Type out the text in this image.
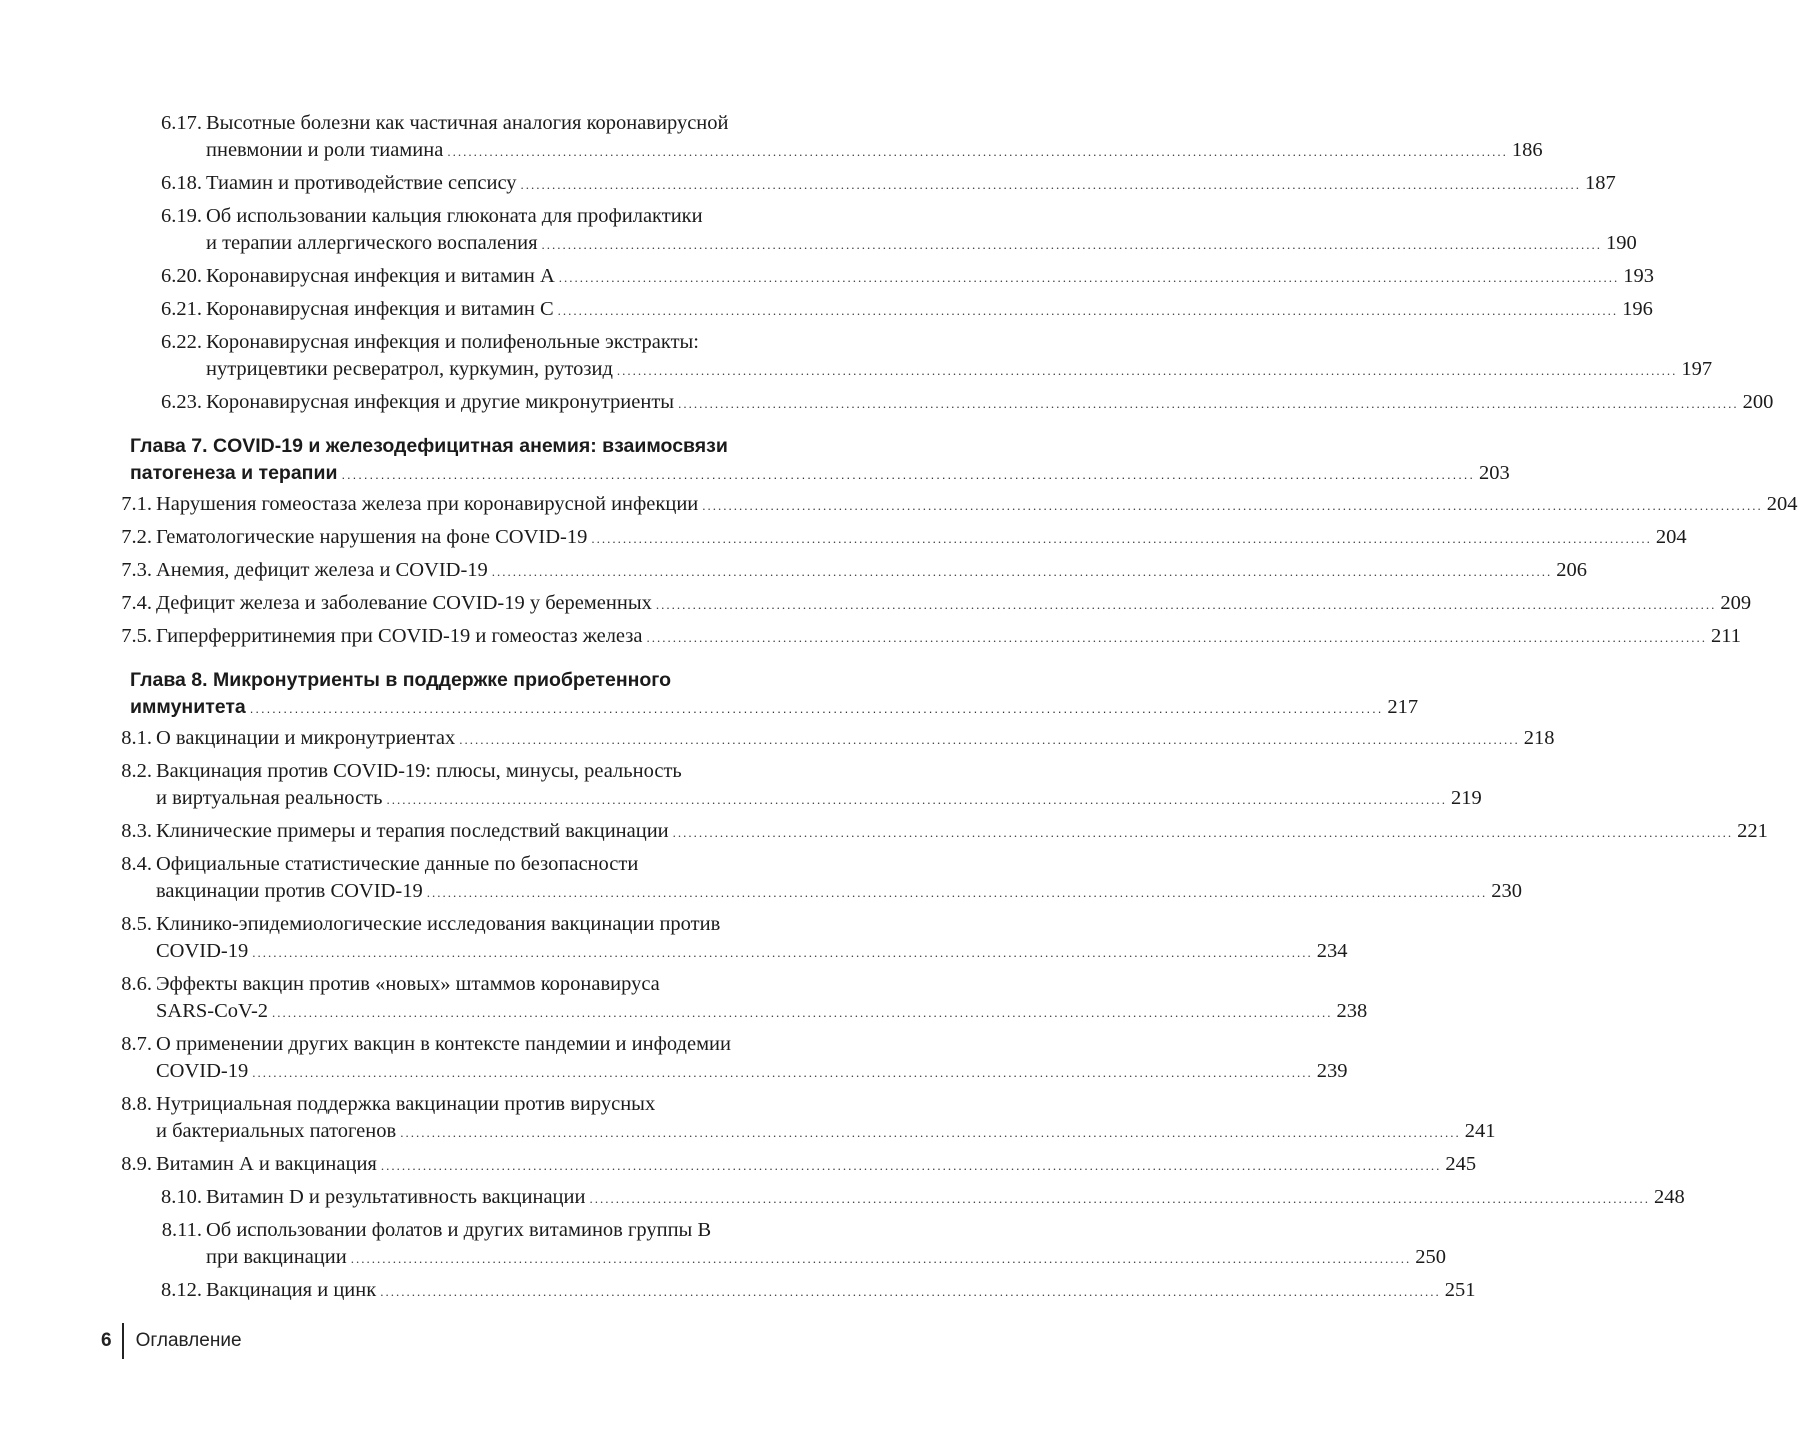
6.17. Высотные болезни как частичная аналогия коронавирусной
пневмонии и роли тиамина .....	186
6.18. Тиамин и противодействие сепсису .....	187
6.19. Об использовании кальция глюконата для профилактики
и терапии аллергического воспаления .....	190
6.20. Коронавирусная инфекция и витамин А .....	193
6.21. Коронавирусная инфекция и витамин С .....	196
6.22. Коронавирусная инфекция и полифенольные экстракты:
нутрицевтики ресвератрол, куркумин, рутозид .....	197
6.23. Коронавирусная инфекция и другие микронутриенты .....	200
Глава 7. COVID-19 и железодефицитная анемия: взаимосвязи
патогенеза и терапии .....	203
7.1. Нарушения гомеостаза железа при коронавирусной инфекции .....	204
7.2. Гематологические нарушения на фоне COVID-19 .....	204
7.3. Анемия, дефицит железа и COVID-19 .....	206
7.4. Дефицит железа и заболевание COVID-19 у беременных .....	209
7.5. Гиперферритинемия при COVID-19 и гомеостаз железа .....	211
Глава 8. Микронутриенты в поддержке приобретенного
иммунитета .....	217
8.1. О вакцинации и микронутриентах .....	218
8.2. Вакцинация против COVID-19: плюсы, минусы, реальность
и виртуальная реальность .....	219
8.3. Клинические примеры и терапия последствий вакцинации .....	221
8.4. Официальные статистические данные по безопасности
вакцинации против COVID-19 .....	230
8.5. Клинико-эпидемиологические исследования вакцинации против
COVID-19 .....	234
8.6. Эффекты вакцин против «новых» штаммов коронавируса
SARS-CoV-2 .....	238
8.7. О применении других вакцин в контексте пандемии и инфодемии
COVID-19 .....	239
8.8. Нутрициальная поддержка вакцинации против вирусных
и бактериальных патогенов .....	241
8.9. Витамин А и вакцинация .....	245
8.10. Витамин D и результативность вакцинации .....	248
8.11. Об использовании фолатов и других витаминов группы В
при вакцинации .....	250
8.12. Вакцинация и цинк .....	251
6 Оглавление
